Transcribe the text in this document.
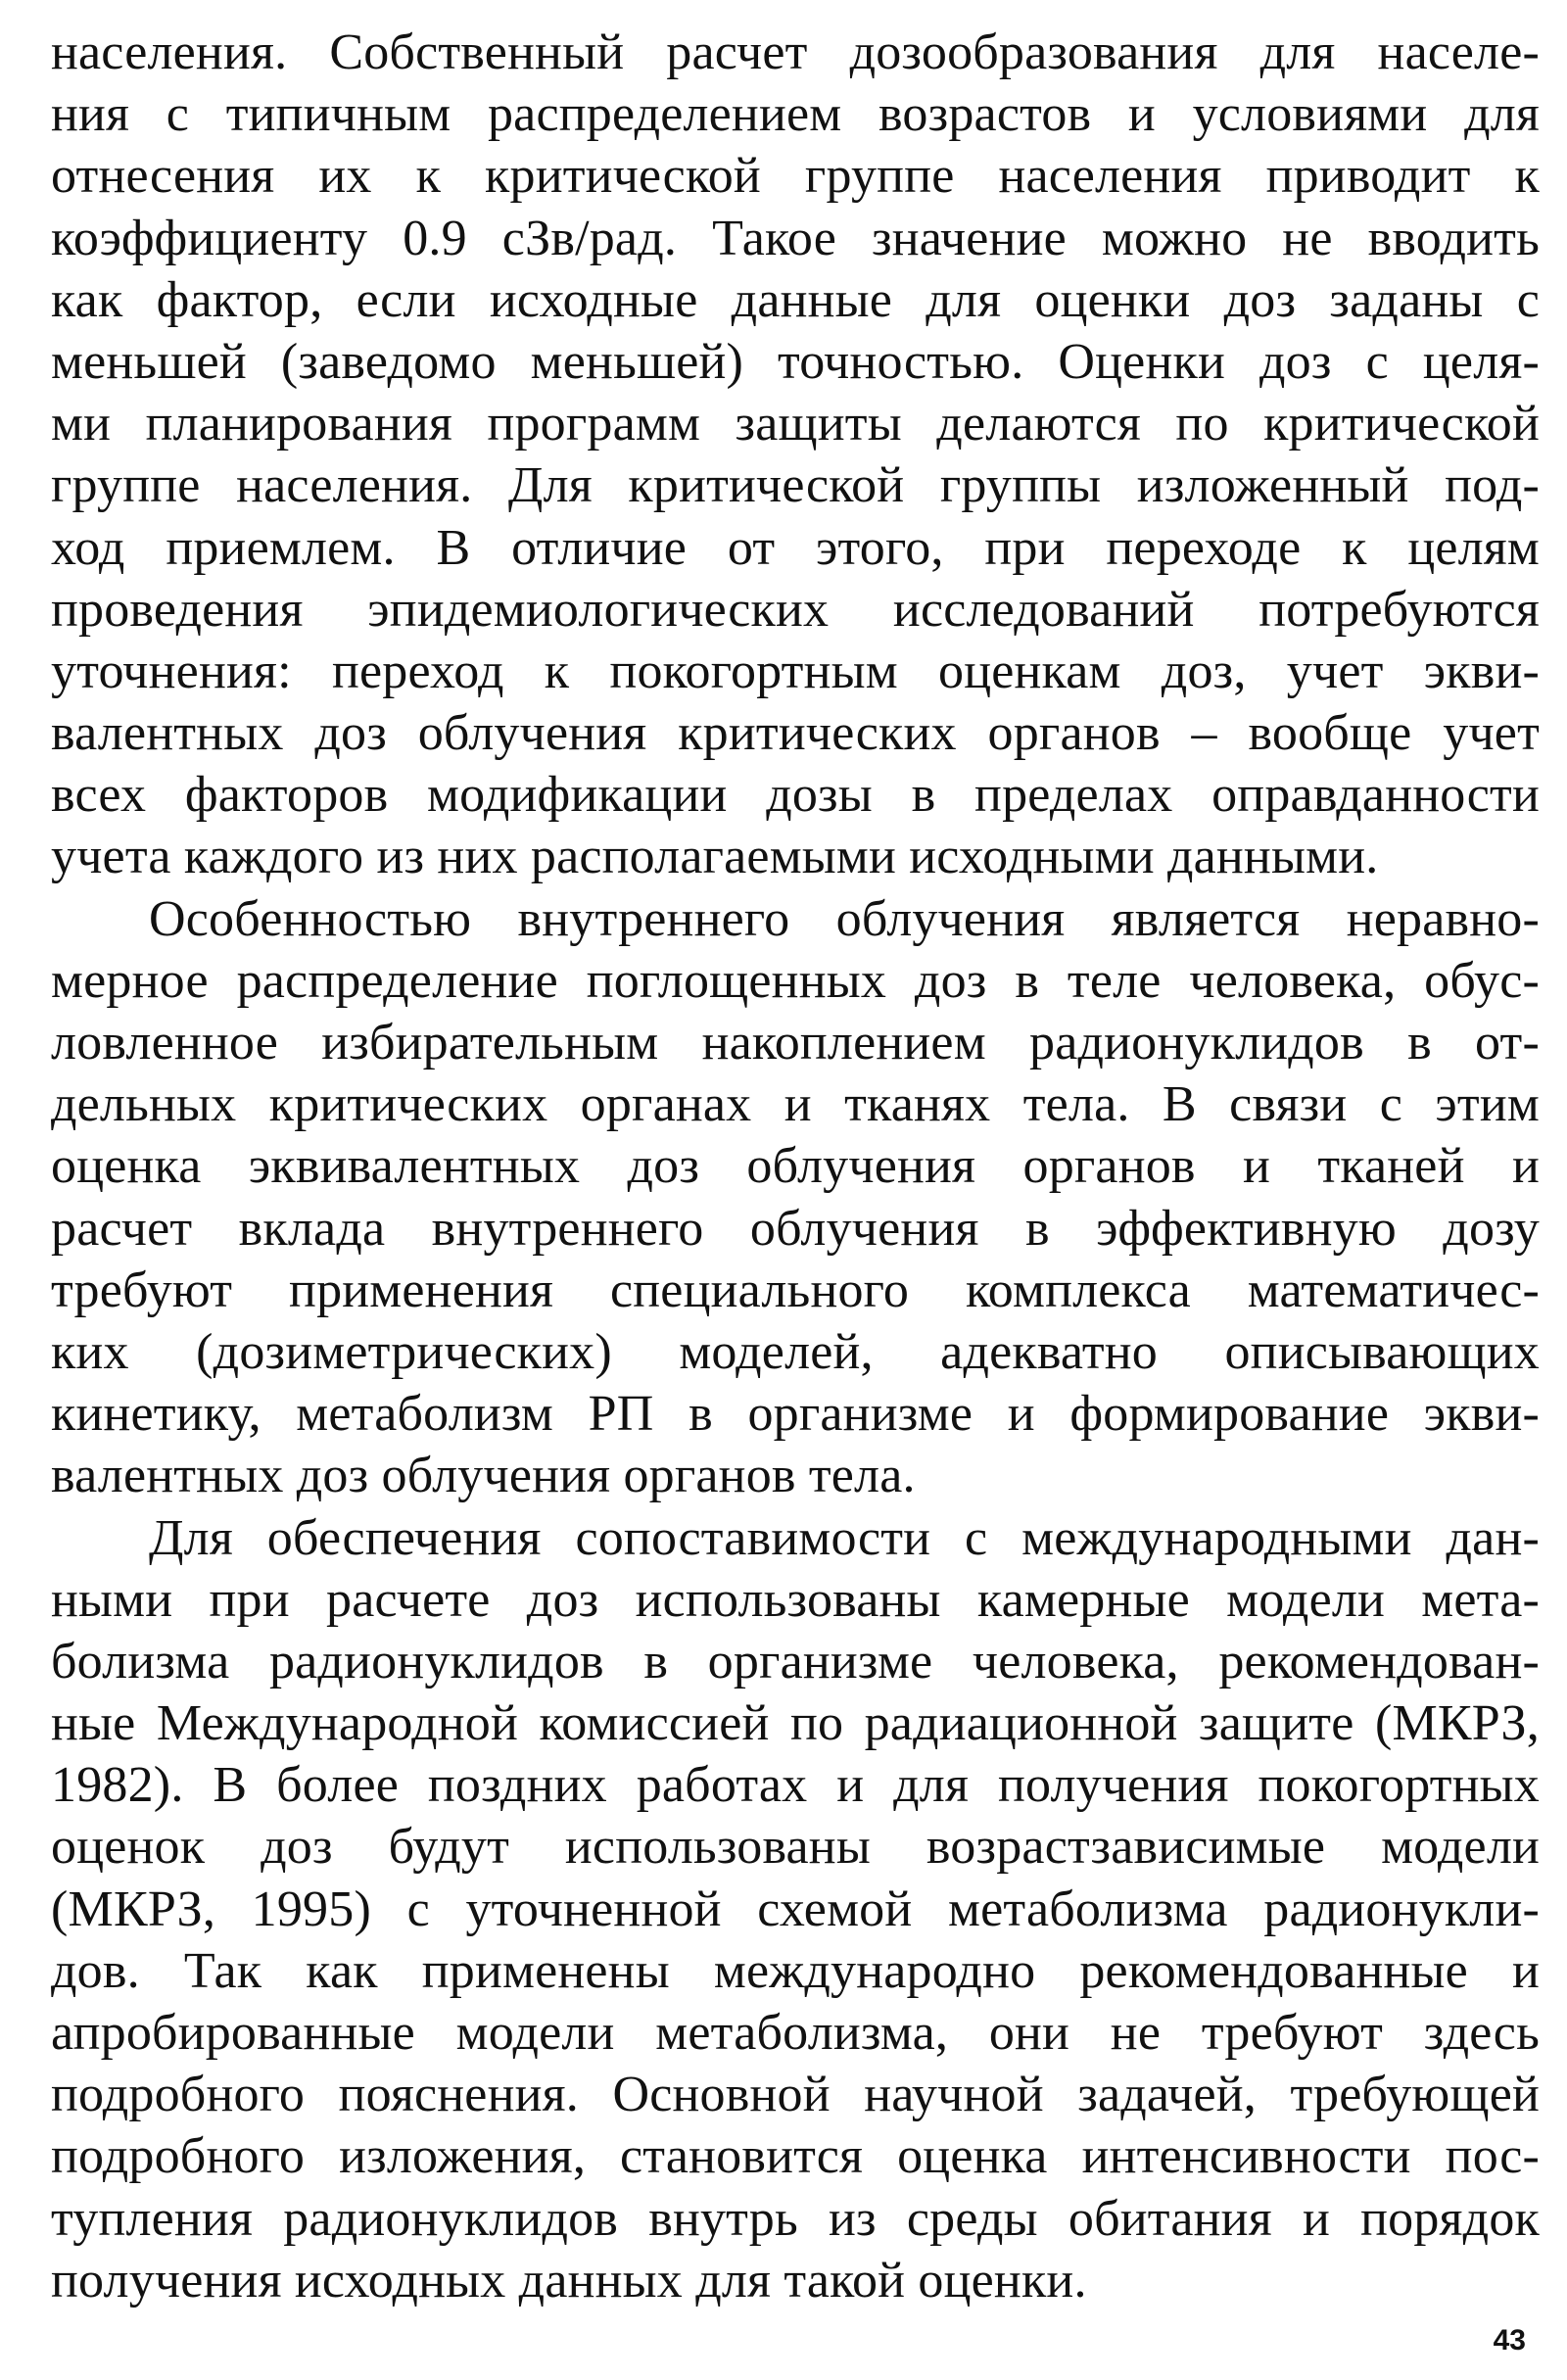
населения. Собственный расчет дозообразования для населе-
ния с типичным распределением возрастов и условиями для
отнесения их к критической группе населения приводит к
коэффициенту 0.9 сЗв/рад. Такое значение можно не вводить
как фактор, если исходные данные для оценки доз заданы с
меньшей (заведомо меньшей) точностью. Оценки доз с целя-
ми планирования программ защиты делаются по критической
группе населения. Для критической группы изложенный под-
ход приемлем. В отличие от этого, при переходе к целям
проведения эпидемиологических исследований потребуются
уточнения: переход к покогортным оценкам доз, учет экви-
валентных доз облучения критических органов – вообще учет
всех факторов модификации дозы в пределах оправданности
учета каждого из них располагаемыми исходными данными.
Особенностью внутреннего облучения является неравно-
мерное распределение поглощенных доз в теле человека, обус-
ловленное избирательным накоплением радионуклидов в от-
дельных критических органах и тканях тела. В связи с этим
оценка эквивалентных доз облучения органов и тканей и
расчет вклада внутреннего облучения в эффективную дозу
требуют применения специального комплекса математичес-
ких (дозиметрических) моделей, адекватно описывающих
кинетику, метаболизм РП в организме и формирование экви-
валентных доз облучения органов тела.
Для обеспечения сопоставимости с международными дан-
ными при расчете доз использованы камерные модели мета-
болизма радионуклидов в организме человека, рекомендован-
ные Международной комиссией по радиационной защите (МКРЗ,
1982). В более поздних работах и для получения покогортных
оценок доз будут использованы возрастзависимые модели
(МКРЗ, 1995) с уточненной схемой метаболизма радионукли-
дов. Так как применены международно рекомендованные и
апробированные модели метаболизма, они не требуют здесь
подробного пояснения. Основной научной задачей, требующей
подробного изложения, становится оценка интенсивности пос-
тупления радионуклидов внутрь из среды обитания и порядок
получения исходных данных для такой оценки.
43
